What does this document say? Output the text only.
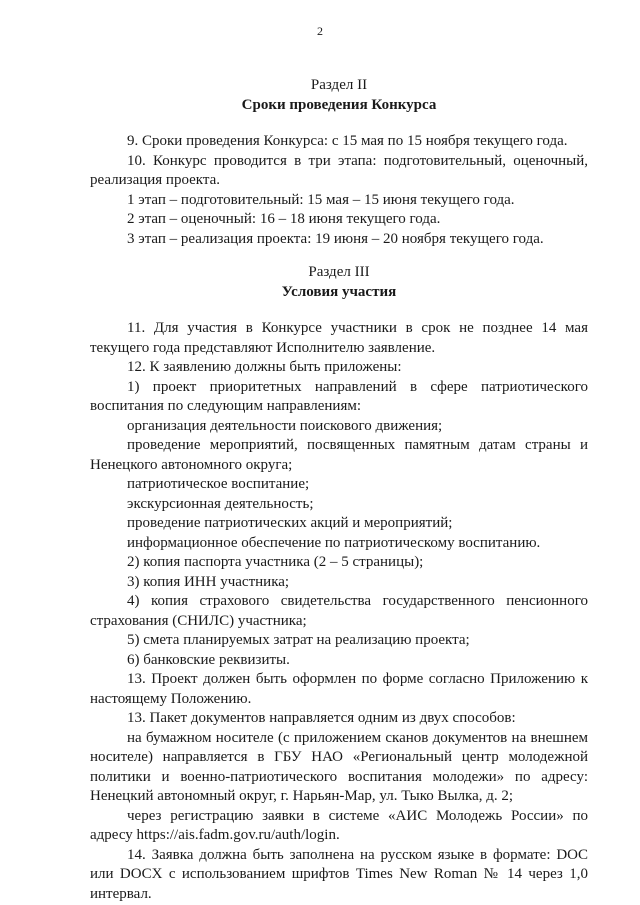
2
Раздел II
Сроки проведения Конкурса
9. Сроки проведения Конкурса: с 15 мая по 15 ноября текущего года.
10. Конкурс проводится в три этапа: подготовительный, оценочный, реализация проекта.
1 этап – подготовительный: 15 мая – 15 июня текущего года.
2 этап – оценочный: 16 – 18 июня текущего года.
3 этап – реализация проекта: 19 июня – 20 ноября текущего года.
Раздел III
Условия участия
11. Для участия в Конкурсе участники в срок не позднее 14 мая текущего года представляют Исполнителю заявление.
12. К заявлению должны быть приложены:
1) проект приоритетных направлений в сфере патриотического воспитания по следующим направлениям:
организация деятельности поискового движения;
проведение мероприятий, посвященных памятным датам страны и Ненецкого автономного округа;
патриотическое воспитание;
экскурсионная деятельность;
проведение патриотических акций и мероприятий;
информационное обеспечение по патриотическому воспитанию.
2) копия паспорта участника (2 – 5 страницы);
3) копия ИНН участника;
4) копия страхового свидетельства государственного пенсионного страхования (СНИЛС) участника;
5) смета планируемых затрат на реализацию проекта;
6) банковские реквизиты.
13. Проект должен быть оформлен по форме согласно Приложению к настоящему Положению.
13. Пакет документов направляется одним из двух способов:
на бумажном носителе (с приложением сканов документов на внешнем носителе) направляется в ГБУ НАО «Региональный центр молодежной политики и военно-патриотического воспитания молодежи» по адресу: Ненецкий автономный округ, г. Нарьян-Мар, ул. Тыко Вылка, д. 2;
через регистрацию заявки в системе «АИС Молодежь России» по адресу https://ais.fadm.gov.ru/auth/login.
14. Заявка должна быть заполнена на русском языке в формате: DOC или DOCX с использованием шрифтов Times New Roman № 14 через 1,0 интервал.
